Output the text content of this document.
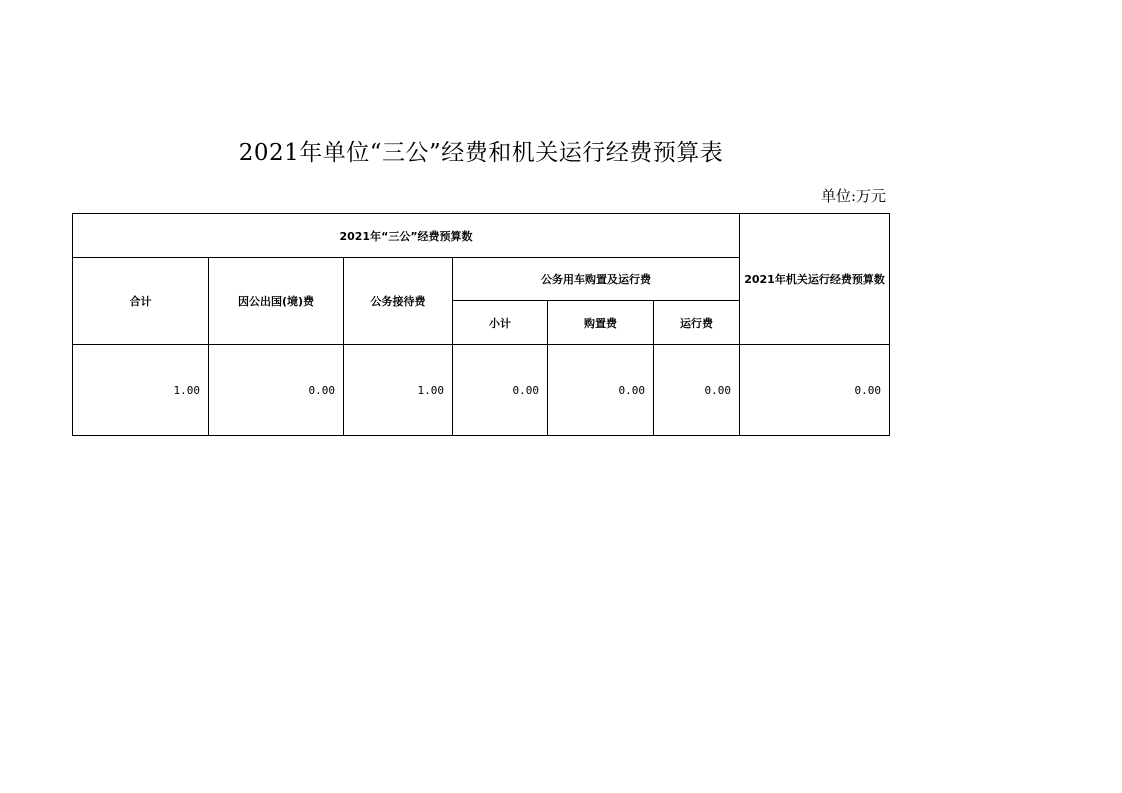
2021年单位“三公”经费和机关运行经费预算表
单位:万元
2021年“三公”经费预算数						2021年机关运行经费预算数
合计	因公出国(境)费	公务接待费	公务用车购置及运行费			
			小计	购置费	运行费	
1.00	0.00	1.00	0.00	0.00	0.00	0.00
